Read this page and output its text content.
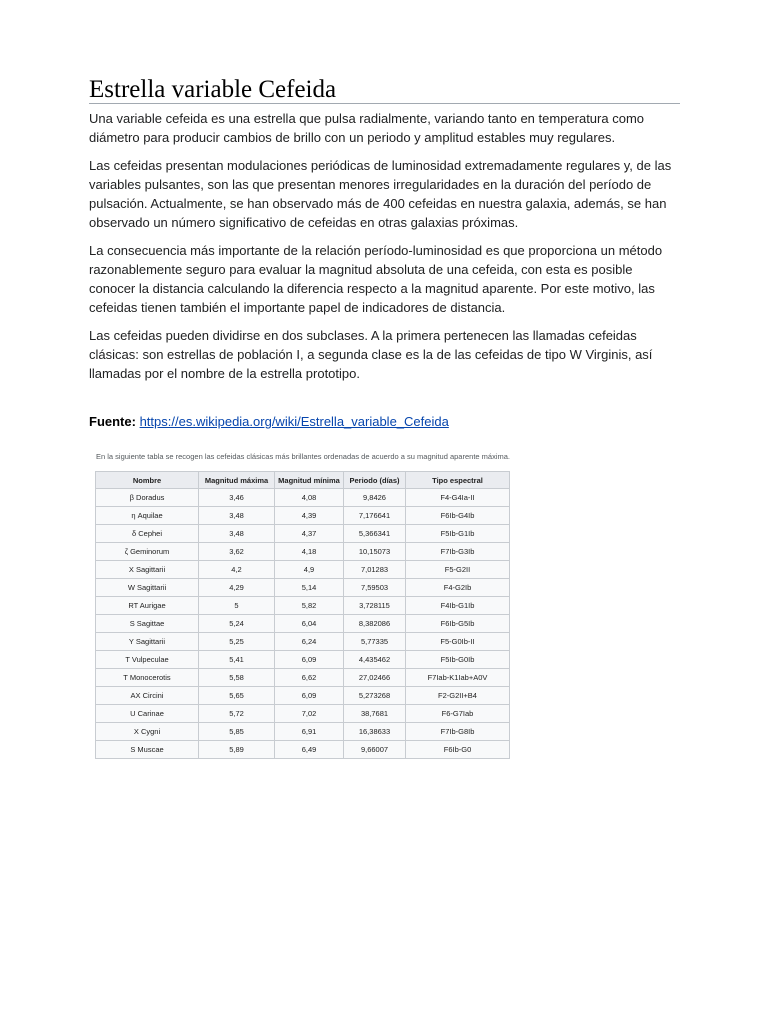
Estrella variable Cefeida

Una variable cefeida es una estrella que pulsa radialmente, variando tanto en temperatura como diámetro para producir cambios de brillo con un periodo y amplitud estables muy regulares.

Las cefeidas presentan modulaciones periódicas de luminosidad extremadamente regulares y, de las variables pulsantes, son las que presentan menores irregularidades en la duración del período de pulsación. Actualmente, se han observado más de 400 cefeidas en nuestra galaxia, además, se han observado un número significativo de cefeidas en otras galaxias próximas.

La consecuencia más importante de la relación período-luminosidad es que proporciona un método razonablemente seguro para evaluar la magnitud absoluta de una cefeida, con esta es posible conocer la distancia calculando la diferencia respecto a la magnitud aparente. Por este motivo, las cefeidas tienen también el importante papel de indicadores de distancia.

Las cefeidas pueden dividirse en dos subclases. A la primera pertenecen las llamadas cefeidas clásicas: son estrellas de población I, a segunda clase es la de las cefeidas de tipo W Virginis, así llamadas por el nombre de la estrella prototipo.

Fuente: https://es.wikipedia.org/wiki/Estrella_variable_Cefeida
En la siguiente tabla se recogen las cefeidas clásicas más brillantes ordenadas de acuerdo a su magnitud aparente máxima.
Nombre	Magnitud máxima	Magnitud mínima	Periodo (días)	Tipo espectral
β Doradus	3,46	4,08	9,8426	F4-G4Ia-II
η Aquilae	3,48	4,39	7,176641	F6Ib-G4Ib
δ Cephei	3,48	4,37	5,366341	F5Ib-G1Ib
ζ Geminorum	3,62	4,18	10,15073	F7Ib-G3Ib
X Sagittarii	4,2	4,9	7,01283	F5-G2II
W Sagittarii	4,29	5,14	7,59503	F4-G2Ib
RT Aurigae	5	5,82	3,728115	F4Ib-G1Ib
S Sagittae	5,24	6,04	8,382086	F6Ib-G5Ib
Y Sagittarii	5,25	6,24	5,77335	F5-G0Ib-II
T Vulpeculae	5,41	6,09	4,435462	F5Ib-G0Ib
T Monocerotis	5,58	6,62	27,02466	F7Iab-K1Iab+A0V
AX Circini	5,65	6,09	5,273268	F2-G2II+B4
U Carinae	5,72	7,02	38,7681	F6-G7Iab
X Cygni	5,85	6,91	16,38633	F7Ib-G8Ib
S Muscae	5,89	6,49	9,66007	F6Ib-G0
